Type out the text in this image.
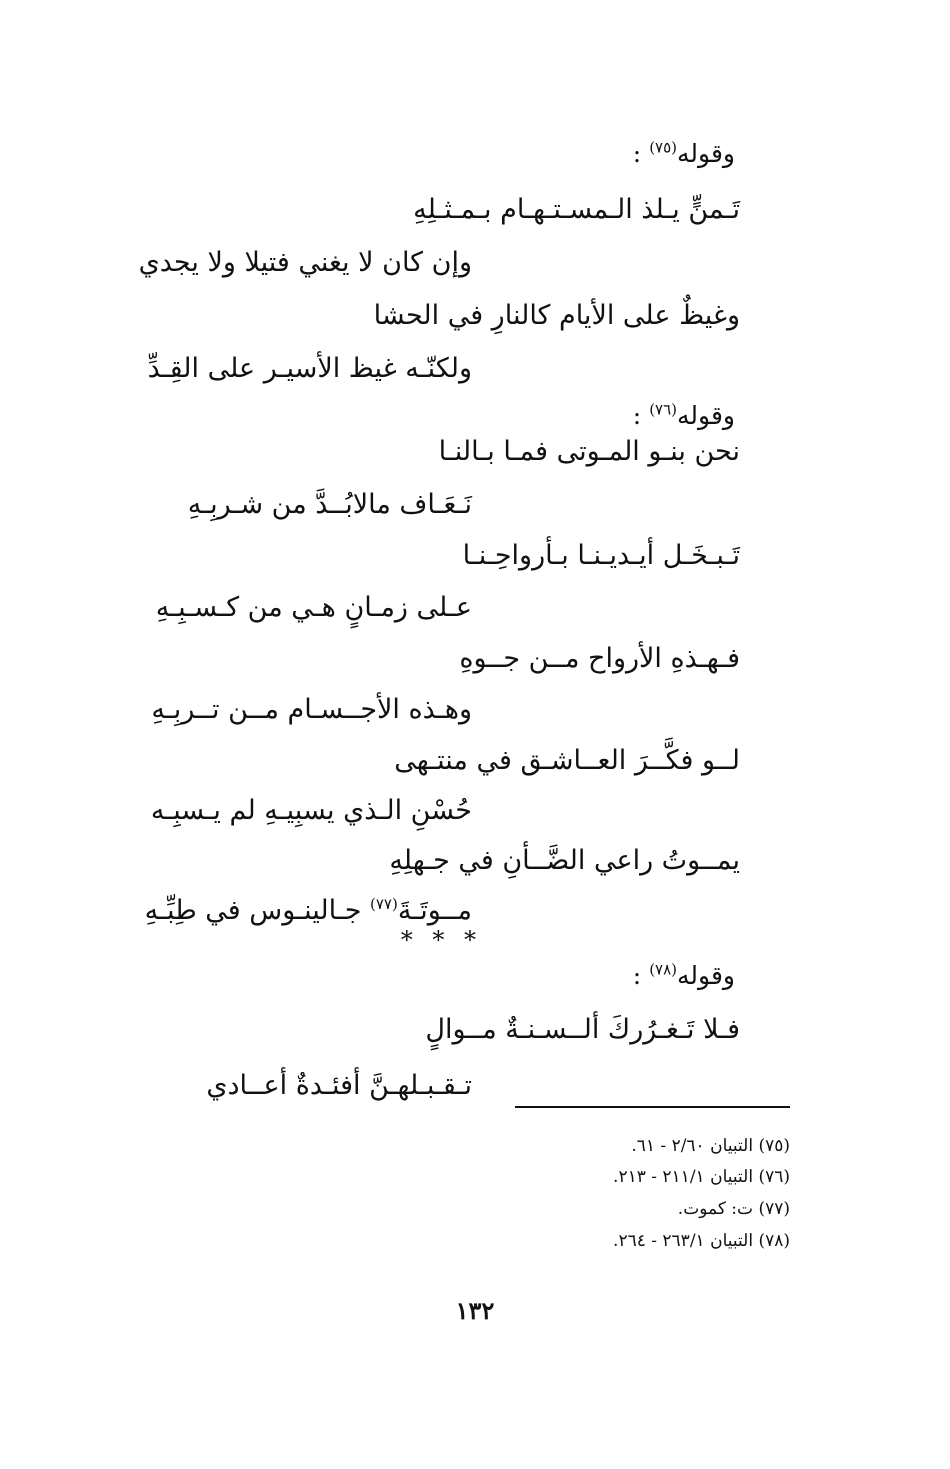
وقوله$^{(٧٥)}$ :
تَـمنٍّ يـلذ الـمسـتـهـام بـمـثـلِهِ
وإن كان لا يغني فتيلا ولا يجدي
وغيظٌ على الأيام كالنارِ في الحشا
ولكنّـه غيظ الأسيـر على القِـدِّ
وقوله$^{(٧٦)}$ :
نحن بنـو المـوتى فمـا بـالنـا
نَـعَـاف مالابُــدَّ من شـربِـهِ
تَـبـخَـل أيـديـنـا بـأرواحِـنـا
عـلى زمـانٍ هـي من كـسـبِـهِ
فـهـذهِ الأرواح مــن جــوهِ
وهـذه الأجــسـام مــن تــربِـهِ
لــو فكَّــرَ العــاشـق في منتـهى
حُسْنِ الـذي يسبِيـهِ لم يـسبِـه
يمــوتُ راعي الضَّــأنِ في جـهلِهِ
مــوتَـةَ$^{(٧٧)}$ جـالينـوس في طِبِّـهِ
* * *
وقوله$^{(٧٨)}$ :
فـلا تَـغـرُركَ ألــسـنـةٌ مــوالٍ
تـقـبـلهـنَّ أفئـدةٌ أعــادي
(٧٥) التبيان ٢/٦٠ - ٦١.
(٧٦) التبيان ٢١١/١ - ٢١٣.
(٧٧) ت: كموت.
(٧٨) التبيان ٢٦٣/١ - ٢٦٤.
١٣٢
